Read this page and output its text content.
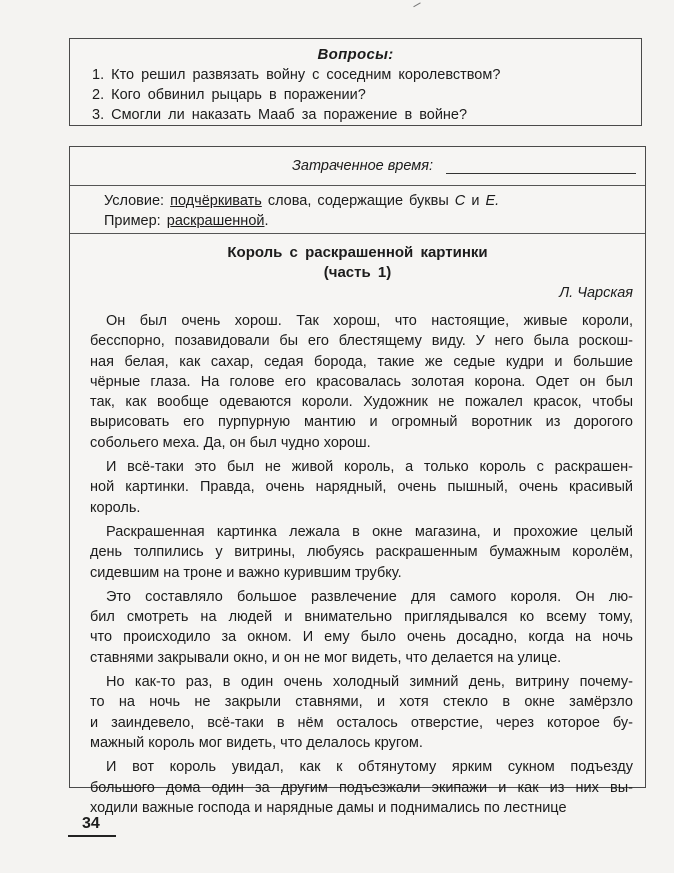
Вопросы:
1. Кто решил развязать войну с соседним королевством?
2. Кого обвинил рыцарь в поражении?
3. Смогли ли наказать Мааб за поражение в войне?
Затраченное время:
Условие: подчёркивать слова, содержащие буквы С и Е.
Пример: раскрашенной.
Король с раскрашенной картинки
(часть 1)
Л. Чарская

Он был очень хорош. Так хорош, что настоящие, живые короли,
бесспорно, позавидовали бы его блестящему виду. У него была роскош-
ная белая, как сахар, седая борода, такие же седые кудри и большие
чёрные глаза. На голове его красовалась золотая корона. Одет он был
так, как вообще одеваются короли. Художник не пожалел красок, чтобы
вырисовать его пурпурную мантию и огромный воротник из дорогого
собольего меха. Да, он был чудно хорош.

И всё-таки это был не живой король, а только король с раскрашен-
ной картинки. Правда, очень нарядный, очень пышный, очень красивый
король.

Раскрашенная картинка лежала в окне магазина, и прохожие целый
день толпились у витрины, любуясь раскрашенным бумажным королём,
сидевшим на троне и важно курившим трубку.

Это составляло большое развлечение для самого короля. Он лю-
бил смотреть на людей и внимательно приглядывался ко всему тому,
что происходило за окном. И ему было очень досадно, когда на ночь
ставнями закрывали окно, и он не мог видеть, что делается на улице.

Но как-то раз, в один очень холодный зимний день, витрину почему-
то на ночь не закрыли ставнями, и хотя стекло в окне замёрзло
и заиндевело, всё-таки в нём осталось отверстие, через которое бу-
мажный король мог видеть, что делалось кругом.

И вот король увидал, как к обтянутому ярким сукном подъезду
большого дома один за другим подъезжали экипажи и как из них вы-
ходили важные господа и нарядные дамы и поднимались по лестнице

34
